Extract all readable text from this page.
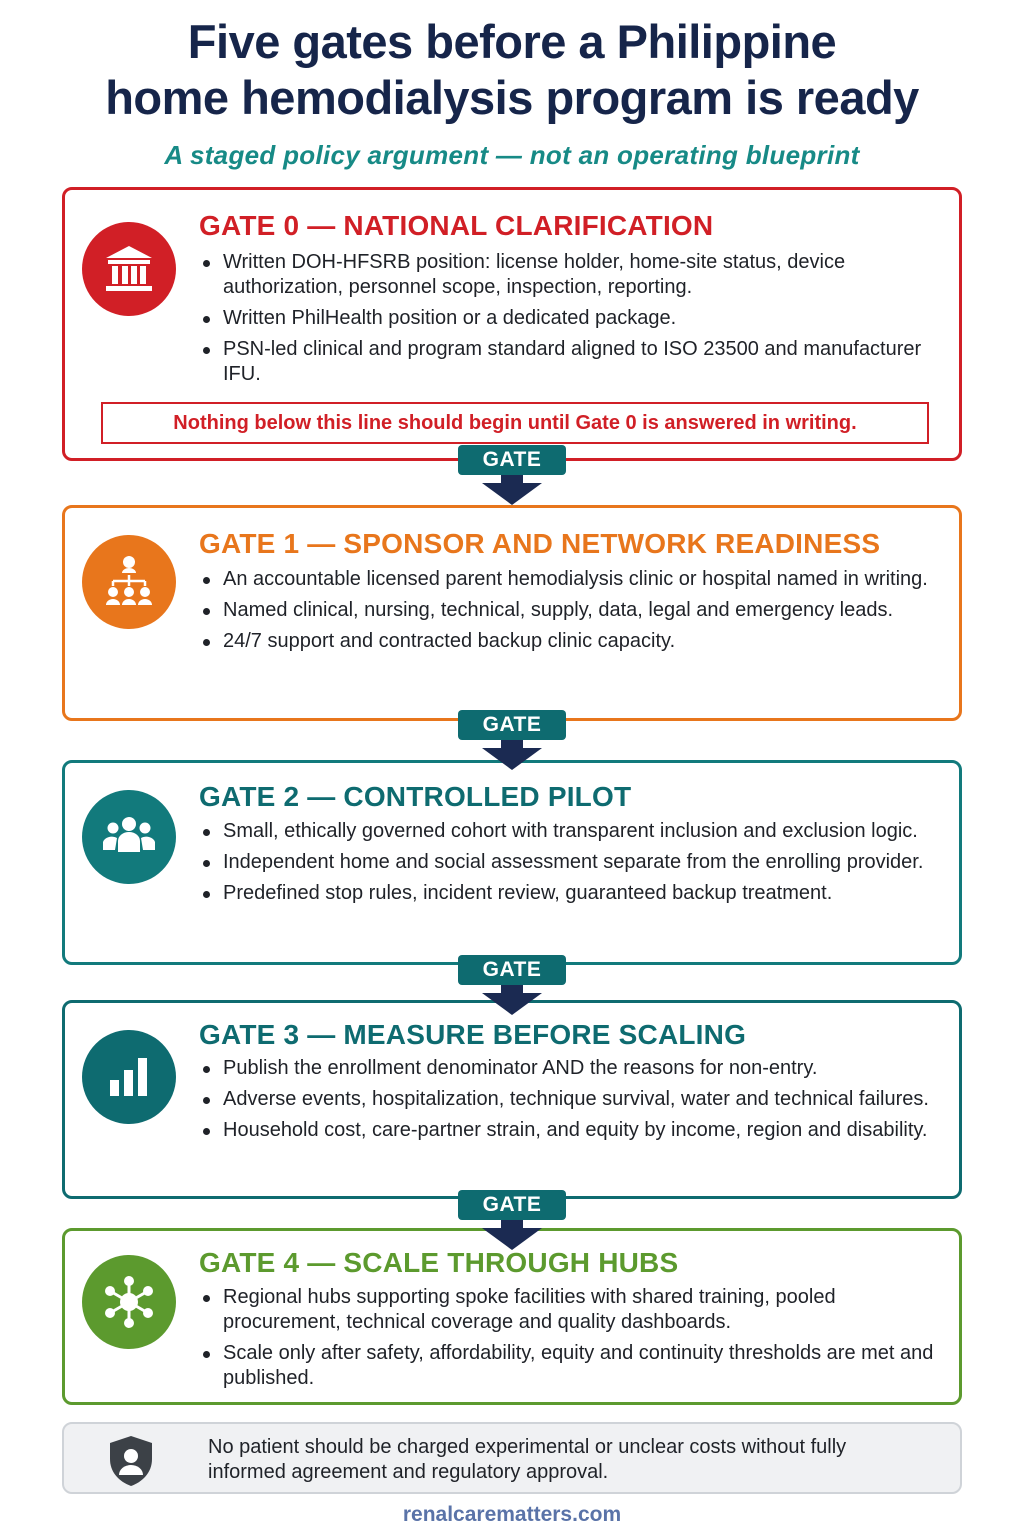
Five gates before a Philippine
home hemodialysis program is ready
A staged policy argument — not an operating blueprint
GATE 0 — NATIONAL CLARIFICATION
Written DOH-HFSRB position: license holder, home-site status, device authorization, personnel scope, inspection, reporting.
Written PhilHealth position or a dedicated package.
PSN-led clinical and program standard aligned to ISO 23500 and manufacturer IFU.
Nothing below this line should begin until Gate 0 is answered in writing.
GATE
GATE 1 — SPONSOR AND NETWORK READINESS
An accountable licensed parent hemodialysis clinic or hospital named in writing.
Named clinical, nursing, technical, supply, data, legal and emergency leads.
24/7 support and contracted backup clinic capacity.
GATE
GATE 2 — CONTROLLED PILOT
Small, ethically governed cohort with transparent inclusion and exclusion logic.
Independent home and social assessment separate from the enrolling provider.
Predefined stop rules, incident review, guaranteed backup treatment.
GATE
GATE 3 — MEASURE BEFORE SCALING
Publish the enrollment denominator AND the reasons for non-entry.
Adverse events, hospitalization, technique survival, water and technical failures.
Household cost, care-partner strain, and equity by income, region and disability.
GATE
GATE 4 — SCALE THROUGH HUBS
Regional hubs supporting spoke facilities with shared training, pooled procurement, technical coverage and quality dashboards.
Scale only after safety, affordability, equity and continuity thresholds are met and published.
No patient should be charged experimental or unclear costs without fully informed agreement and regulatory approval.
renalcarematters.com
